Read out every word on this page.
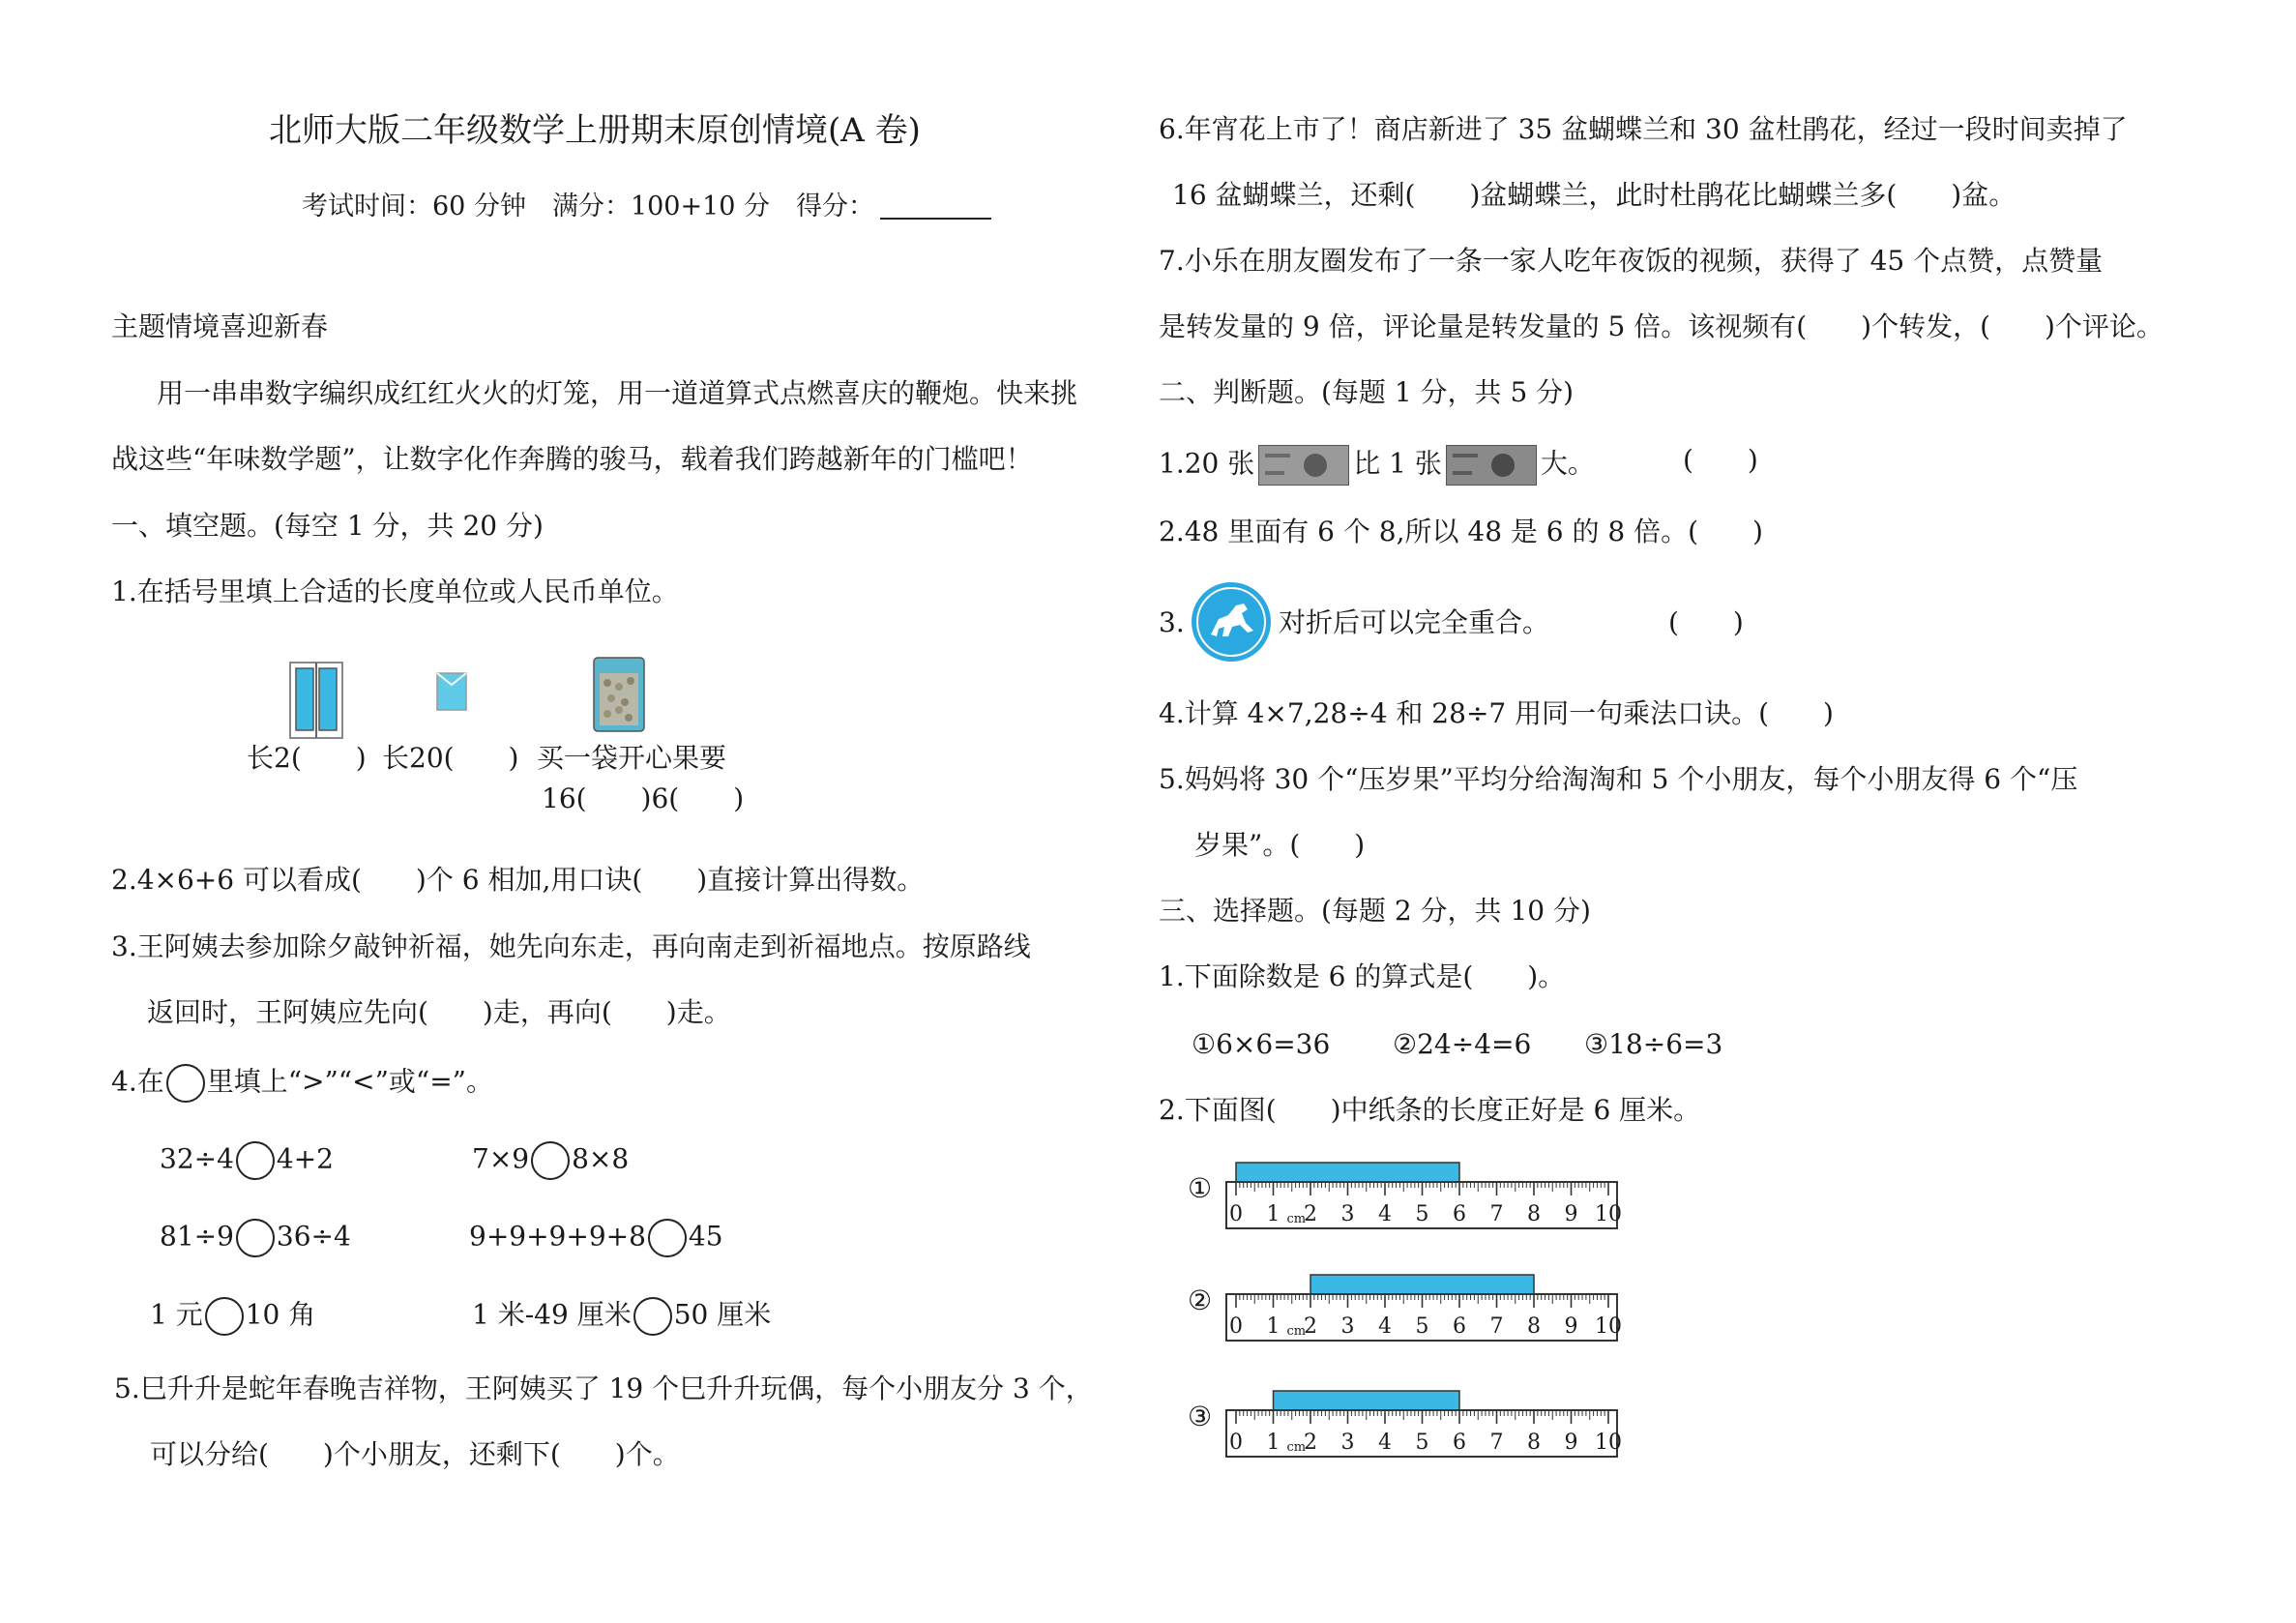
北师大版二年级数学上册期末原创情境(A 卷)
考试时间：60 分钟　满分：100+10 分　得分：
主题情境喜迎新春
用一串串数字编织成红红火火的灯笼，用一道道算式点燃喜庆的鞭炮。快来挑
战这些“年味数学题”，让数字化作奔腾的骏马，载着我们跨越新年的门槛吧！
一、填空题。(每空 1 分，共 20 分)
1.在括号里填上合适的长度单位或人民币单位。
长2(　　) 长20(　　) 买一袋开心果要
16(　　)6(　　)
2.4×6+6 可以看成(　　)个 6 相加,用口诀(　　)直接计算出得数。
3.王阿姨去参加除夕敲钟祈福，她先向东走，再向南走到祈福地点。按原路线
返回时，王阿姨应先向(　　)走，再向(　　)走。
4.在 里填上“>”“<”或“=”。
32÷4 4+2	7×9 8×8
81÷9 36÷4	9+9+9+9+8 45
1 元 10 角	1 米-49 厘米 50 厘米
5.巳升升是蛇年春晚吉祥物，王阿姨买了 19 个巳升升玩偶，每个小朋友分 3 个，
可以分给(　　)个小朋友，还剩下(　　)个。
6.年宵花上市了！商店新进了 35 盆蝴蝶兰和 30 盆杜鹃花，经过一段时间卖掉了
16 盆蝴蝶兰，还剩(　　)盆蝴蝶兰，此时杜鹃花比蝴蝶兰多(　　)盆。
7.小乐在朋友圈发布了一条一家人吃年夜饭的视频，获得了 45 个点赞，点赞量
是转发量的 9 倍，评论量是转发量的 5 倍。该视频有(　　)个转发，(　　)个评论。
二、判断题。(每题 1 分，共 5 分)
1.20 张	比 1 张	大。	(　　)
2.48 里面有 6 个 8,所以 48 是 6 的 8 倍。(　　)
3.	对折后可以完全重合。	(　　)
4.计算 4×7,28÷4 和 28÷7 用同一句乘法口诀。(　　)
5.妈妈将 30 个“压岁果”平均分给淘淘和 5 个小朋友，每个小朋友得 6 个“压
岁果”。(　　)
三、选择题。(每题 2 分，共 10 分)
1.下面除数是 6 的算式是(　　)。
①6×6=36 ②24÷4=6 ③18÷6=3
2.下面图(　　)中纸条的长度正好是 6 厘米。
①
0 1 cm
2 3 4 5 6 7 8 9 10
②
0 1 cm
2 3 4 5 6 7 8 9 10
③
0 1 cm
2 3 4 5 6 7 8 9 10
